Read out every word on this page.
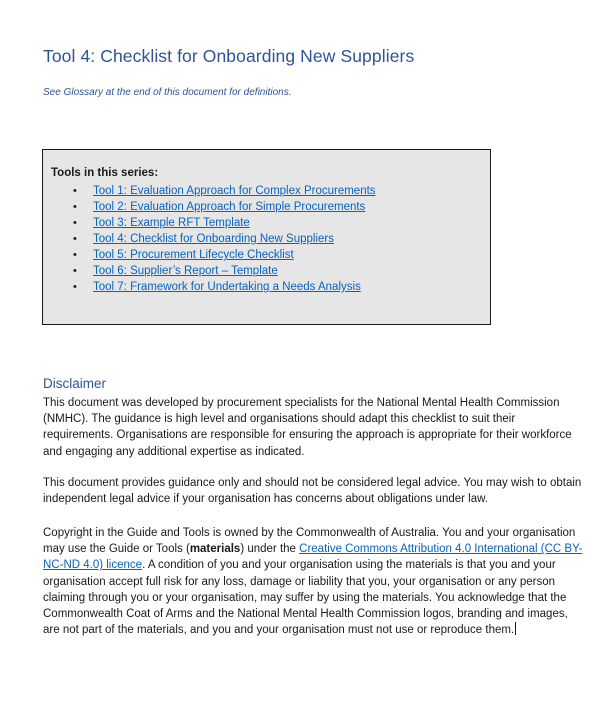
Tool 4: Checklist for Onboarding New Suppliers

See Glossary at the end of this document for definitions.

Tools in this series:

• Tool 1: Evaluation Approach for Complex Procurements
• Tool 2: Evaluation Approach for Simple Procurements
• Tool 3: Example RFT Template
• Tool 4: Checklist for Onboarding New Suppliers
• Tool 5: Procurement Lifecycle Checklist
• Tool 6: Supplier’s Report – Template
• Tool 7: Framework for Undertaking a Needs Analysis
Disclaimer

This document was developed by procurement specialists for the National Mental Health Commission (NMHC). The guidance is high level and organisations should adapt this checklist to suit their requirements. Organisations are responsible for ensuring the approach is appropriate for their workforce and engaging any additional expertise as indicated.

This document provides guidance only and should not be considered legal advice. You may wish to obtain independent legal advice if your organisation has concerns about obligations under law.

Copyright in the Guide and Tools is owned by the Commonwealth of Australia. You and your organisation may use the Guide or Tools (materials) under the Creative Commons Attribution 4.0 International (CC BY-NC-ND 4.0) licence. A condition of you and your organisation using the materials is that you and your organisation accept full risk for any loss, damage or liability that you, your organisation or any person claiming through you or your organisation, may suffer by using the materials. You acknowledge that the Commonwealth Coat of Arms and the National Mental Health Commission logos, branding and images, are not part of the materials, and you and your organisation must not use or reproduce them.
